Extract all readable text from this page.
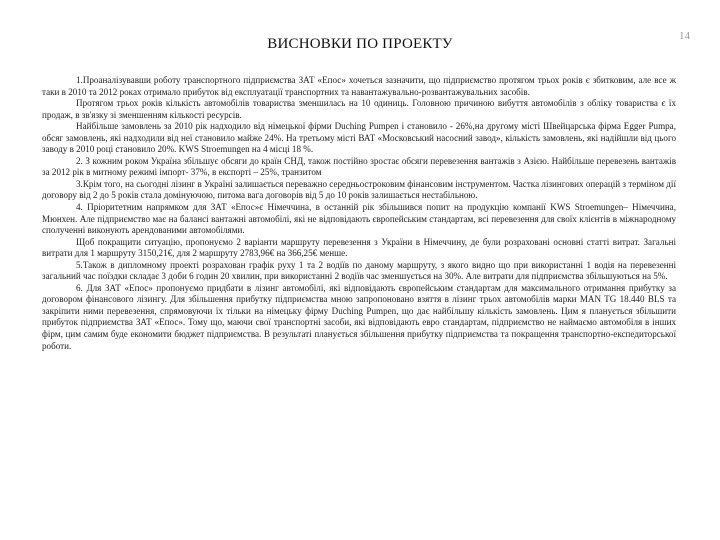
14
ВИСНОВКИ ПО ПРОЕКТУ

1.Проаналізувавши роботу транспортного підприємства ЗАТ «Епос» хочеться зазначити, що підприємство протягом трьох років є збитковим, але все ж таки в 2010 та 2012 роках отримало прибуток від експлуатації транспортних та навантажувально-розвантажувальних засобів.

Протягом трьох років кількість автомобілів товариства зменшилась на 10 одиниць. Головною причиною вибуття автомобілів з обліку товариства є їх продаж, в зв'язку зі зменшенням кількості ресурсів.

Найбільше замовлень за 2010 рік надходило від німецької фірми Duching Pumpen і становило - 26%,на другому місті Швейцарська фірма Egger Pumpa, обсяг замовлень, які надходили від неї становило майже 24%. На третьому місті ВАТ «Московський насосний завод», кількість замовлень, які надійшли від цього заводу в 2010 році становило 20%. KWS Stroemungen на 4 місці 18 %.

2. З кожним роком Україна збільшує обсяги до країн СНД, також постійно зростає обсяги перевезення вантажів з Азією. Найбільше перевезень вантажів за 2012 рік в митному режимі імпорт- 37%, в експорті – 25%, транзитом

3.Крім того, на сьогодні лізинг в Україні залишається переважно середньостроковим фінансовим інструментом. Частка лізингових операцій з терміном дії договору від 2 до 5 років стала домінуючою, питома вага договорів від 5 до 10 років залишається нестабільною.

4. Пріоритетним напрямком для ЗАТ «Епос»є Німеччина, в останній рік збільшився попит на продукцію компанії KWS Stroemungen– Німеччина, Мюнхен. Але підприємство має на балансі вантажні автомобілі, які не відповідають європейським стандартам, всі перевезення для своїх клієнтів в міжнародному сполученні виконують арендованими автомобілями.

Щоб покращити ситуацію, пропонуємо 2 варіанти маршруту перевезення з України в Німеччину, де були розраховані основні статті витрат. Загальні витрати для 1 маршруту 3150,21€, для 2 маршруту 2783,96€ на 366,25€ менше.

5.Також в дипломному проекті розрахован графік руху 1 та 2 водіїв по даному маршруту, з якого видно що при використанні 1 водія на перевезенні загальний час поїздки складає 3 доби 6 годин 20 хвилин, при використанні 2 водіїв час зменшується на 30%. Але витрати для підприємства збільшуються на 5%.

6. Для ЗАТ «Епос» пропонуємо придбати в лізинг автомобілі, які відповідають європейським стандартам для максимального отримання прибутку за договором фінансового лізингу. Для збільшення прибутку підприємства мною запропоновано взяття в лізинг трьох автомобілів марки MAN TG 18.440 BLS та закріпити ними перевезення, спрямовуючи їх тільки на німецьку фірму Duching Pumpen, що дає найбільшу кількість замовлень. Цим я планується збільшити прибуток підприємства ЗАТ «Епос». Тому що, маючи свої транспортні засоби, які відповідають евро стандартам, підприємство не наймаємо автомобіля в інших фірм, цим самим буде економити бюджет підприємства. В результаті планується збільшення прибутку підприємства та покращення транспортно-експедиторської роботи.
